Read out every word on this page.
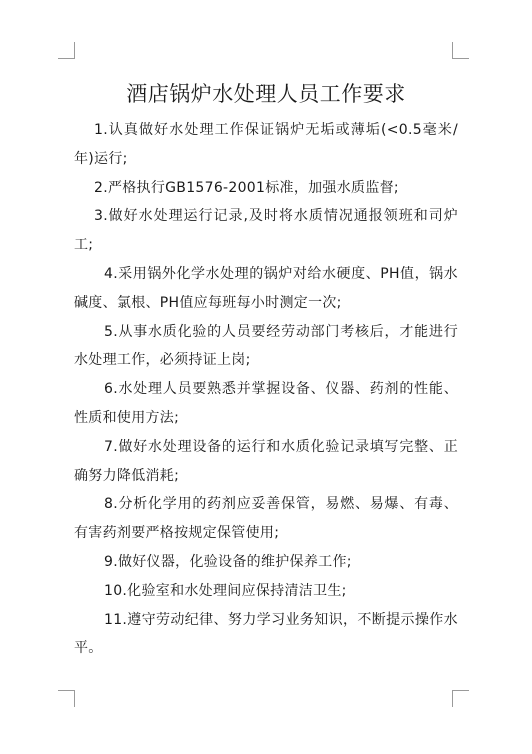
酒店锅炉水处理人员工作要求

1.认真做好水处理工作保证锅炉无垢或薄垢(<0.5毫米/年)运行;

2.严格执行GB1576-2001标准，加强水质监督;

3.做好水处理运行记录,及时将水质情况通报领班和司炉工;

4.采用锅外化学水处理的锅炉对给水硬度、PH值，锅水碱度、氯根、PH值应每班每小时测定一次;

5.从事水质化验的人员要经劳动部门考核后，才能进行水处理工作，必须持证上岗;

6.水处理人员要熟悉并掌握设备、仪器、药剂的性能、性质和使用方法;

7.做好水处理设备的运行和水质化验记录填写完整、正确努力降低消耗;

8.分析化学用的药剂应妥善保管，易燃、易爆、有毒、有害药剂要严格按规定保管使用;

9.做好仪器，化验设备的维护保养工作;

10.化验室和水处理间应保持清洁卫生;

11.遵守劳动纪律、努力学习业务知识，不断提示操作水平。
